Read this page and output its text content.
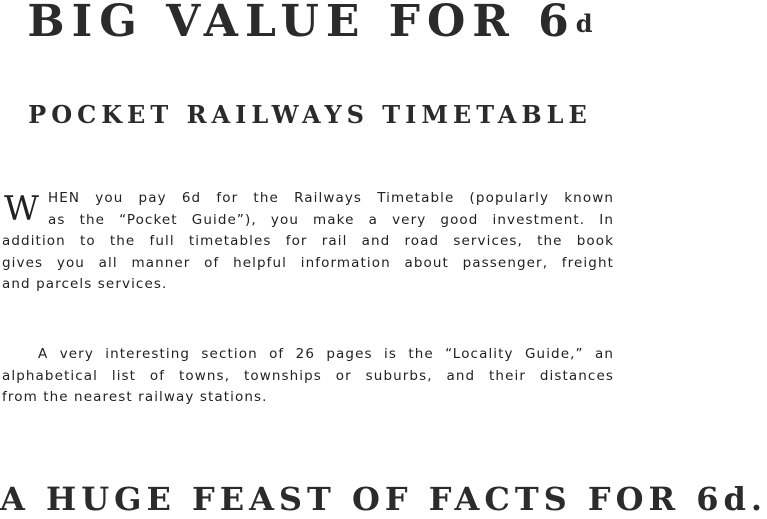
BIG VALUE FOR 6$^d$
POCKET RAILWAYS TIMETABLE
W HEN you pay 6d for the Railways Timetable (popularly known
as the “Pocket Guide”), you make a very good investment. In
addition to the full timetables for rail and road services, the book
gives you all manner of helpful information about passenger, freight
and parcels services.
A very interesting section of 26 pages is the “Locality Guide,” an
alphabetical list of towns, townships or suburbs, and their distances
from the nearest railway stations.
A HUGE FEAST OF FACTS FOR 6d.
